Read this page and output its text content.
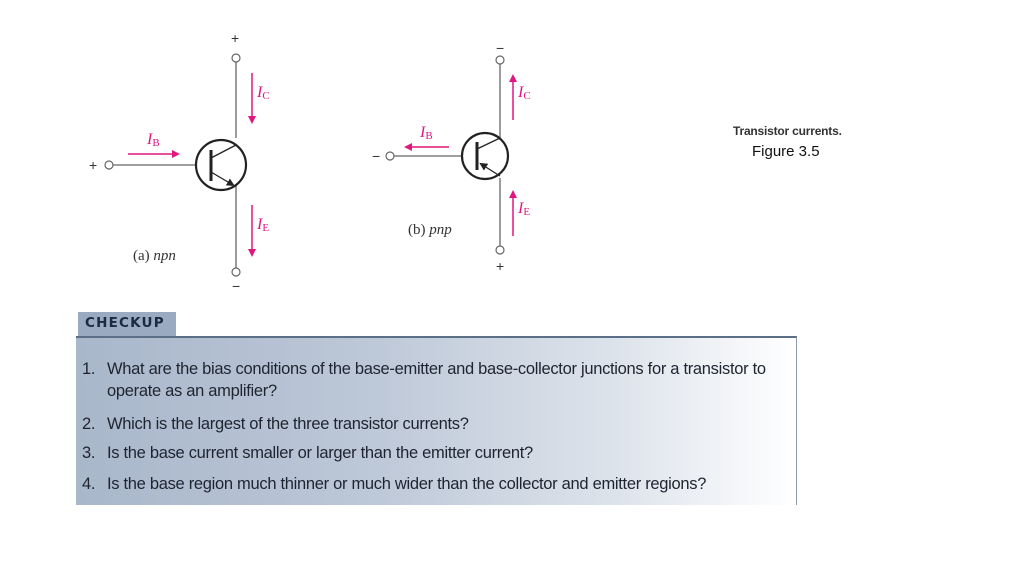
+
−
+
$I_C$
$I_B$
$I_E$
(a) npn
−
+
−
$I_C$
$I_B$
$I_E$
(b) pnp
Transistor currents.
Figure 3.5
CHECKUP
1. What are the bias conditions of the base-emitter and base-collector junctions for a transistor to operate as an amplifier?
2. Which is the largest of the three transistor currents?
3. Is the base current smaller or larger than the emitter current?
4. Is the base region much thinner or much wider than the collector and emitter regions?
